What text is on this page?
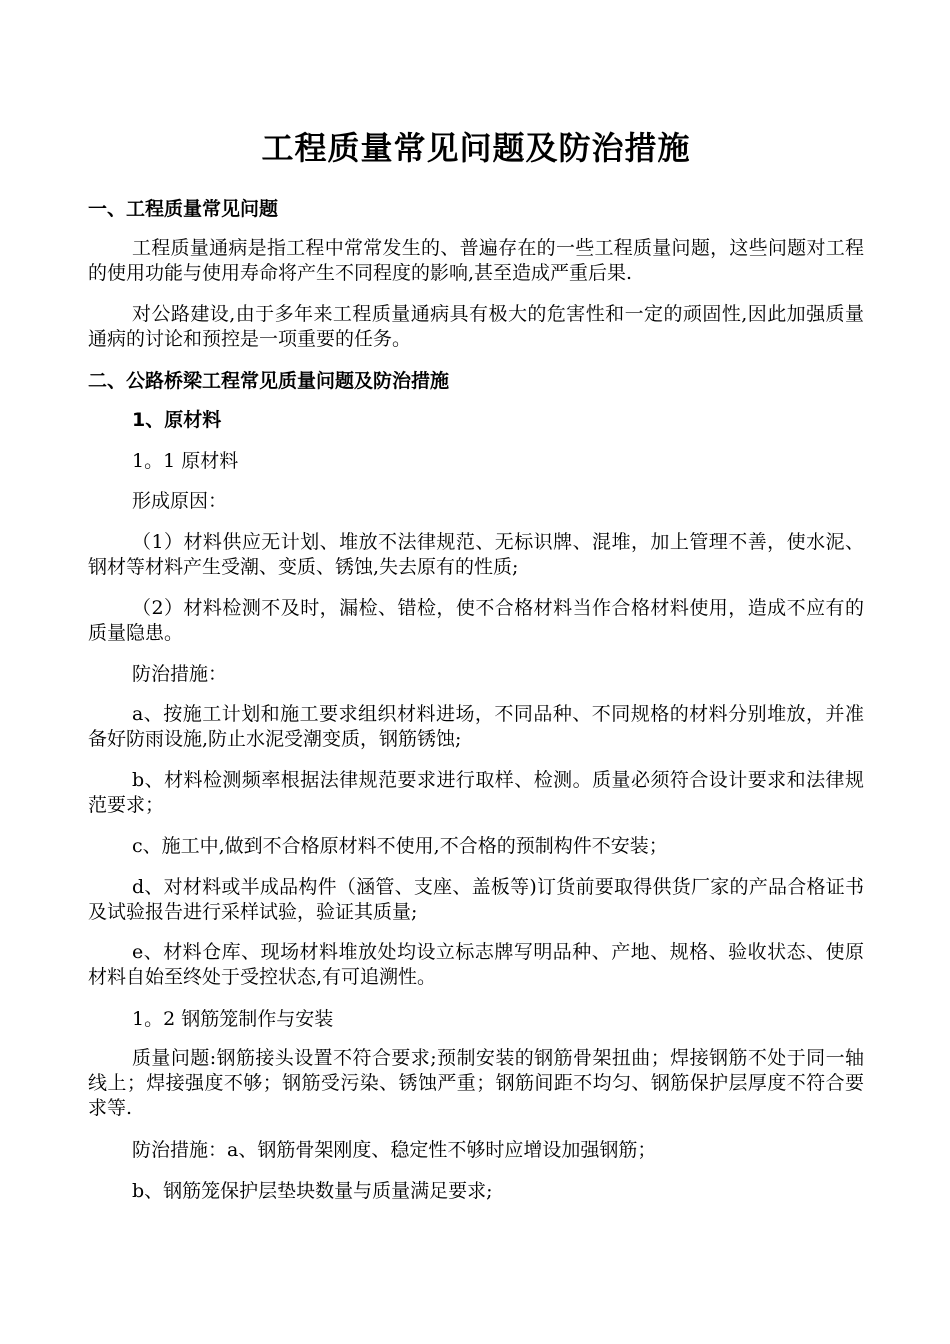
工程质量常见问题及防治措施
一、工程质量常见问题

工程质量通病是指工程中常常发生的、普遍存在的一些工程质量问题，这些问题对工程的使用功能与使用寿命将产生不同程度的影响,甚至造成严重后果.

对公路建设,由于多年来工程质量通病具有极大的危害性和一定的顽固性,因此加强质量通病的讨论和预控是一项重要的任务。

二、公路桥梁工程常见质量问题及防治措施
1、原材料

1。1 原材料

形成原因：

（1）材料供应无计划、堆放不法律规范、无标识牌、混堆，加上管理不善，使水泥、钢材等材料产生受潮、变质、锈蚀,失去原有的性质;

（2）材料检测不及时，漏检、错检，使不合格材料当作合格材料使用，造成不应有的质量隐患。

防治措施：

a、按施工计划和施工要求组织材料进场，不同品种、不同规格的材料分别堆放，并准备好防雨设施,防止水泥受潮变质，钢筋锈蚀;

b、材料检测频率根据法律规范要求进行取样、检测。质量必须符合设计要求和法律规范要求；

c、施工中,做到不合格原材料不使用,不合格的预制构件不安装；

d、对材料或半成品构件（涵管、支座、盖板等)订货前要取得供货厂家的产品合格证书及试验报告进行采样试验，验证其质量;

e、材料仓库、现场材料堆放处均设立标志牌写明品种、产地、规格、验收状态、使原材料自始至终处于受控状态,有可追溯性。

1。2 钢筋笼制作与安装

质量问题:钢筋接头设置不符合要求;预制安装的钢筋骨架扭曲；焊接钢筋不处于同一轴线上；焊接强度不够；钢筋受污染、锈蚀严重；钢筋间距不均匀、钢筋保护层厚度不符合要求等.

防治措施：a、钢筋骨架刚度、稳定性不够时应增设加强钢筋；

b、钢筋笼保护层垫块数量与质量满足要求;
